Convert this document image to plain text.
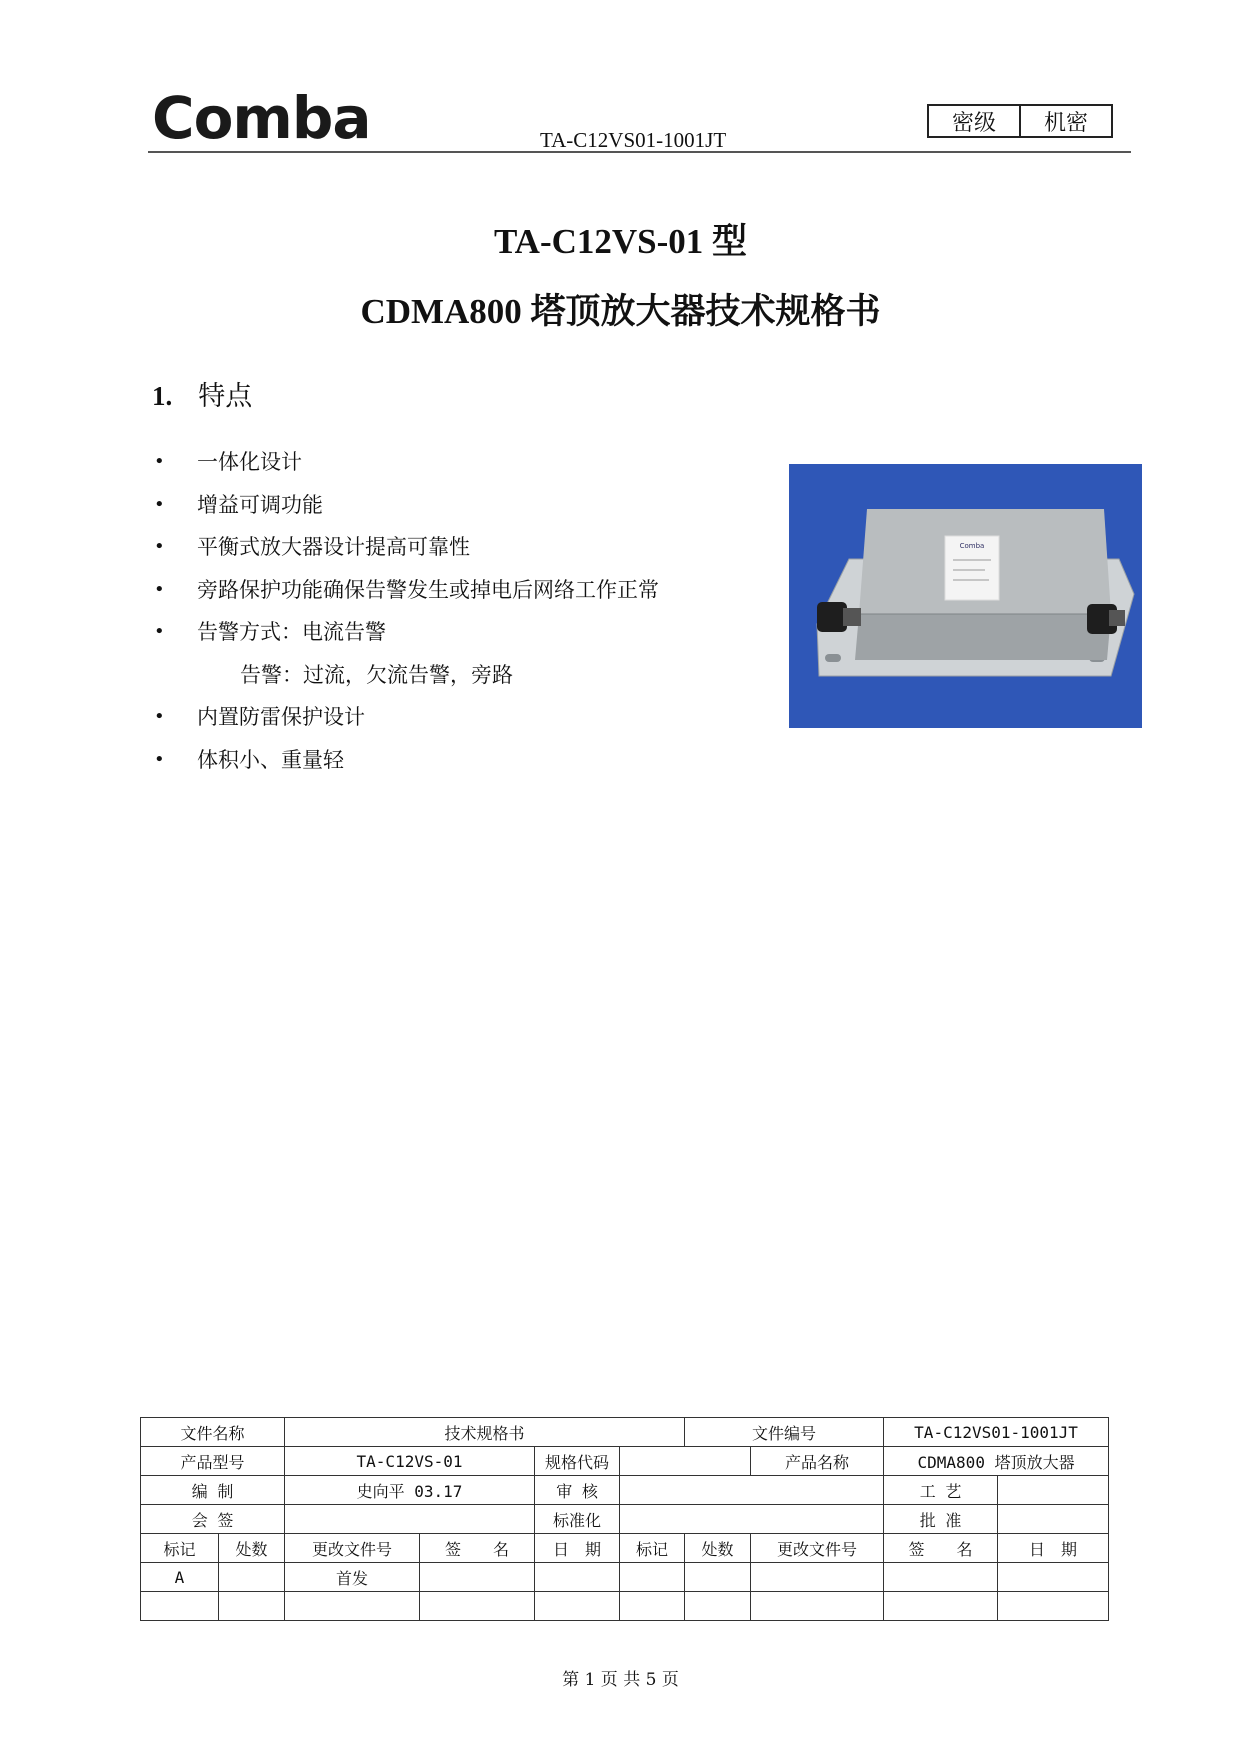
Comba	TA-C12VS01-1001JT
密级	机密
TA-C12VS-01 型
CDMA800 塔顶放大器技术规格书
1. 特点
• 一体化设计
• 增益可调功能
• 平衡式放大器设计提高可靠性
• 旁路保护功能确保告警发生或掉电后网络工作正常
• 告警方式：电流告警
告警：过流，欠流告警，旁路
• 内置防雷保护设计
• 体积小、重量轻
Comba
文件名称		技术规格书				文件编号		TA-C12VS01-1001JT	
产品型号		TA-C12VS-01		规格代码			产品名称	CDMA800 塔顶放大器	
编 制		史向平 03.17		审 核				工 艺	
会 签				标准化				批 准	
标记	处数	更改文件号	签　　名	日　期	标记	处数	更改文件号	签　　名	日　期
A		首发							

第 1 页 共 5 页
